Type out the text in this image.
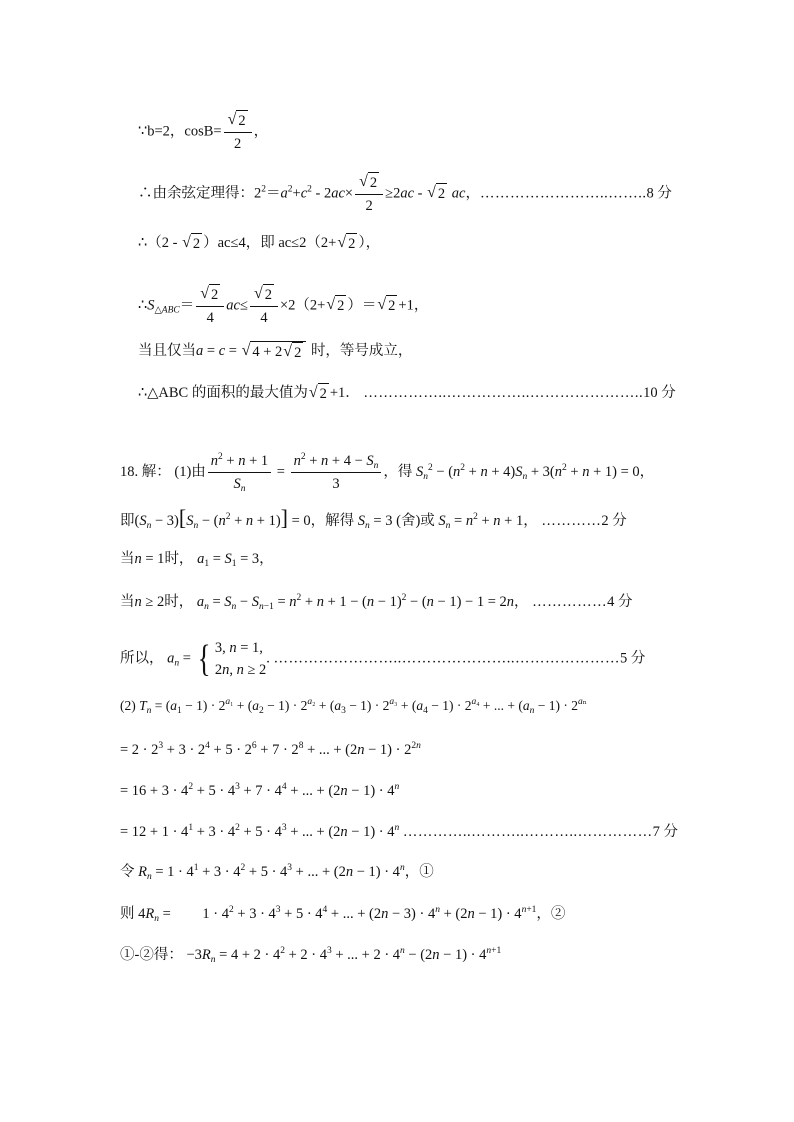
∵b=2，$\cos B= \frac{√ 2}{2}$ ，
∴由余弦定理得：$2^2=a^2+c^2 - 2ac\times \frac{√ 2}{2} \ge 2ac$ - √ 2 ac，……………………..……..8 分
∴（2 - √ 2 ）ac≤4，即 ac≤2（2+ √ 2 ），
$\therefore S_{\triangle ABC}= \frac{√ 2}{4} ac\le \frac{√ 2}{4} \times 2(2+$ √ 2 ）＝ √ 2 +1，
当且仅当a = c = √ 4 + 2 √ 2 时，等号成立，
∴△ABC 的面积的最大值为 √ 2 +1． ……………..……………..…………………..10 分
18. 解： (1)由 $\frac{n^2 + n + 1}{S_n} = \frac{n^2 + n + 4 - S_n}{3}$ ，得 $S_n^2 - (n^2 + n + 4)S_n + 3(n^2 + n + 1) = 0$，
即$(S_n - 3)[S_n - (n^2 + n + 1)] = 0$，解得 $S_n = 3$ (舍)或 $S_n = n^2 + n + 1$， …………2 分
当n = 1时， $a_1 = S_1 = 3$，
当n ≥ 2时， $a_n = S_n - S_{n-1} = n^2 + n + 1 - (n - 1)^2 - (n - 1) - 1 = 2n$， ……………4 分
所以， $a_n$ = { 3, n = 1,
2n, n ≥ 2
. ……………………..…………………..…………………5 分
(2) $T_n = (a_1 - 1) \cdot 2^{a_1} + (a_2 - 1) \cdot 2^{a_2} + (a_3 - 1) \cdot 2^{a_3} + (a_4 - 1) \cdot 2^{a_4}$ + ... + $(a_n - 1) \cdot 2^{a_n}$
= $2 \cdot 2^3 + 3 \cdot 2^4 + 5 \cdot 2^6 + 7 \cdot 2^8$ + ... + $(2n - 1) \cdot 2^{2n}$
= $16 + 3 \cdot 4^2 + 5 \cdot 4^3 + 7 \cdot 4^4$ + ... + $(2n - 1) \cdot 4^n$
= $12 + 1 \cdot 4^1 + 3 \cdot 4^2 + 5 \cdot 4^3$ + ... + $(2n - 1) \cdot 4^n$ …………..………..………..……………7 分
令 $R_n = 1 \cdot 4^1 + 3 \cdot 4^2 + 5 \cdot 4^3$ + ... + $(2n - 1) \cdot 4^n$，①
则 $4R_n = 1 \cdot 4^2 + 3 \cdot 4^3 + 5 \cdot 4^4$ + ... + $(2n - 3) \cdot 4^n + (2n - 1) \cdot 4^{n+1}$，②
①-②得： $-3R_n = 4 + 2 \cdot 4^2 + 2 \cdot 4^3$ + ... + $2 \cdot 4^n - (2n - 1) \cdot 4^{n+1}$
